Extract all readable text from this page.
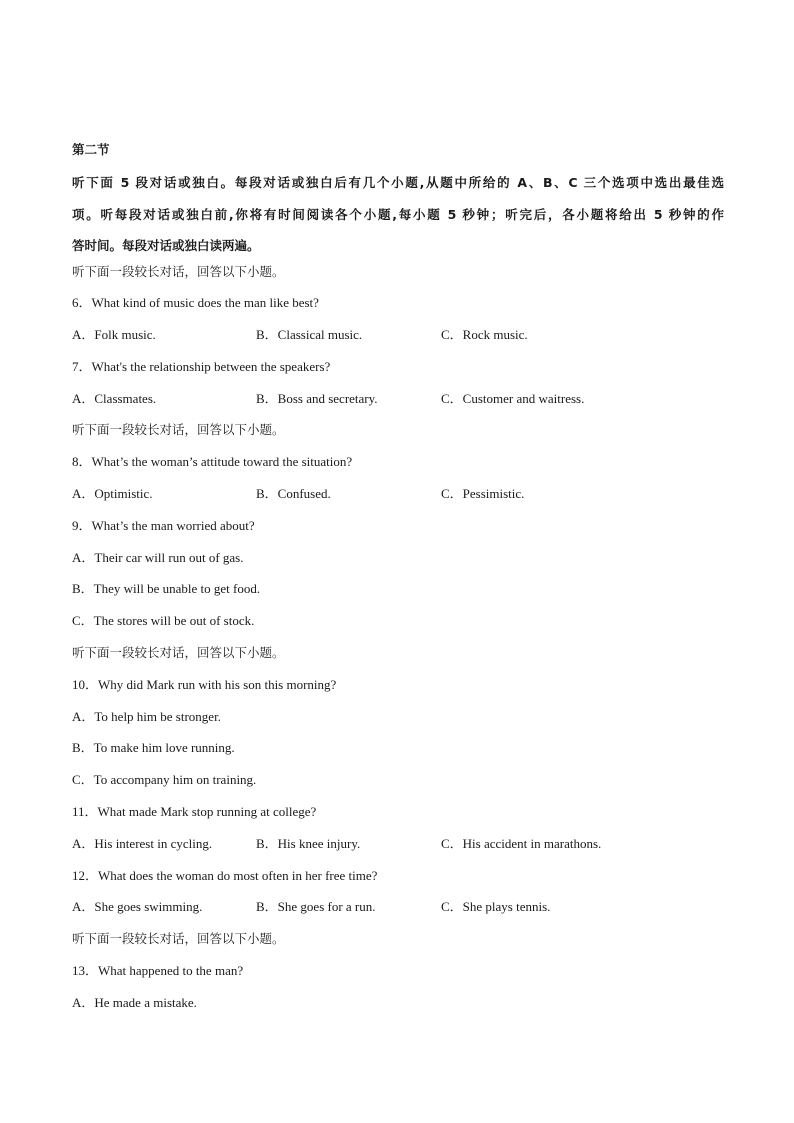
第二节
听下面 5 段对话或独白。每段对话或独白后有几个小题,从题中所给的 A、B、C 三个选项中选出最佳选
项。听每段对话或独白前,你将有时间阅读各个小题,每小题 5 秒钟；听完后，各小题将给出 5 秒钟的作
答时间。每段对话或独白读两遍。
听下面一段较长对话，回答以下小题。
6．What kind of music does the man like best?
A．Folk music.	B．Classical music.	C．Rock music.
7．What's the relationship between the speakers?
A．Classmates.	B．Boss and secretary.	C．Customer and waitress.
听下面一段较长对话，回答以下小题。
8．What’s the woman’s attitude toward the situation?
A．Optimistic.	B．Confused.	C．Pessimistic.
9．What’s the man worried about?
A．Their car will run out of gas.
B．They will be unable to get food.
C．The stores will be out of stock.
听下面一段较长对话，回答以下小题。
10．Why did Mark run with his son this morning?
A．To help him be stronger.
B．To make him love running.
C．To accompany him on training.
11．What made Mark stop running at college?
A．His interest in cycling.	B．His knee injury.	C．His accident in marathons.
12．What does the woman do most often in her free time?
A．She goes swimming.	B．She goes for a run.	C．She plays tennis.
听下面一段较长对话，回答以下小题。
13．What happened to the man?
A．He made a mistake.
